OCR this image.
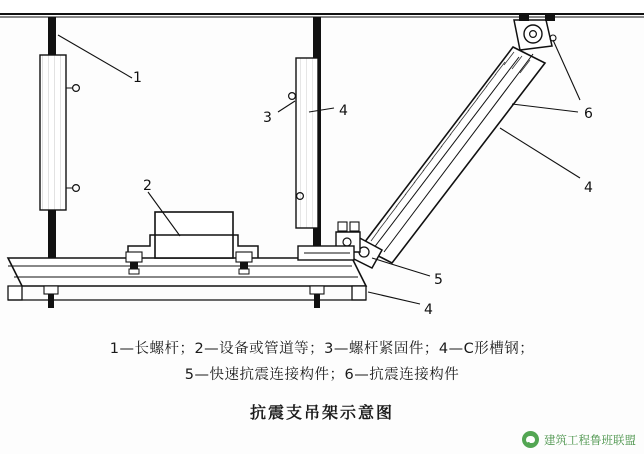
1
2
3	4
4
4
5
6
1—长螺杆；2—设备或管道等；3—螺杆紧固件；4—C形槽钢；
5—快速抗震连接构件；6—抗震连接构件
抗震支吊架示意图
建筑工程鲁班联盟
